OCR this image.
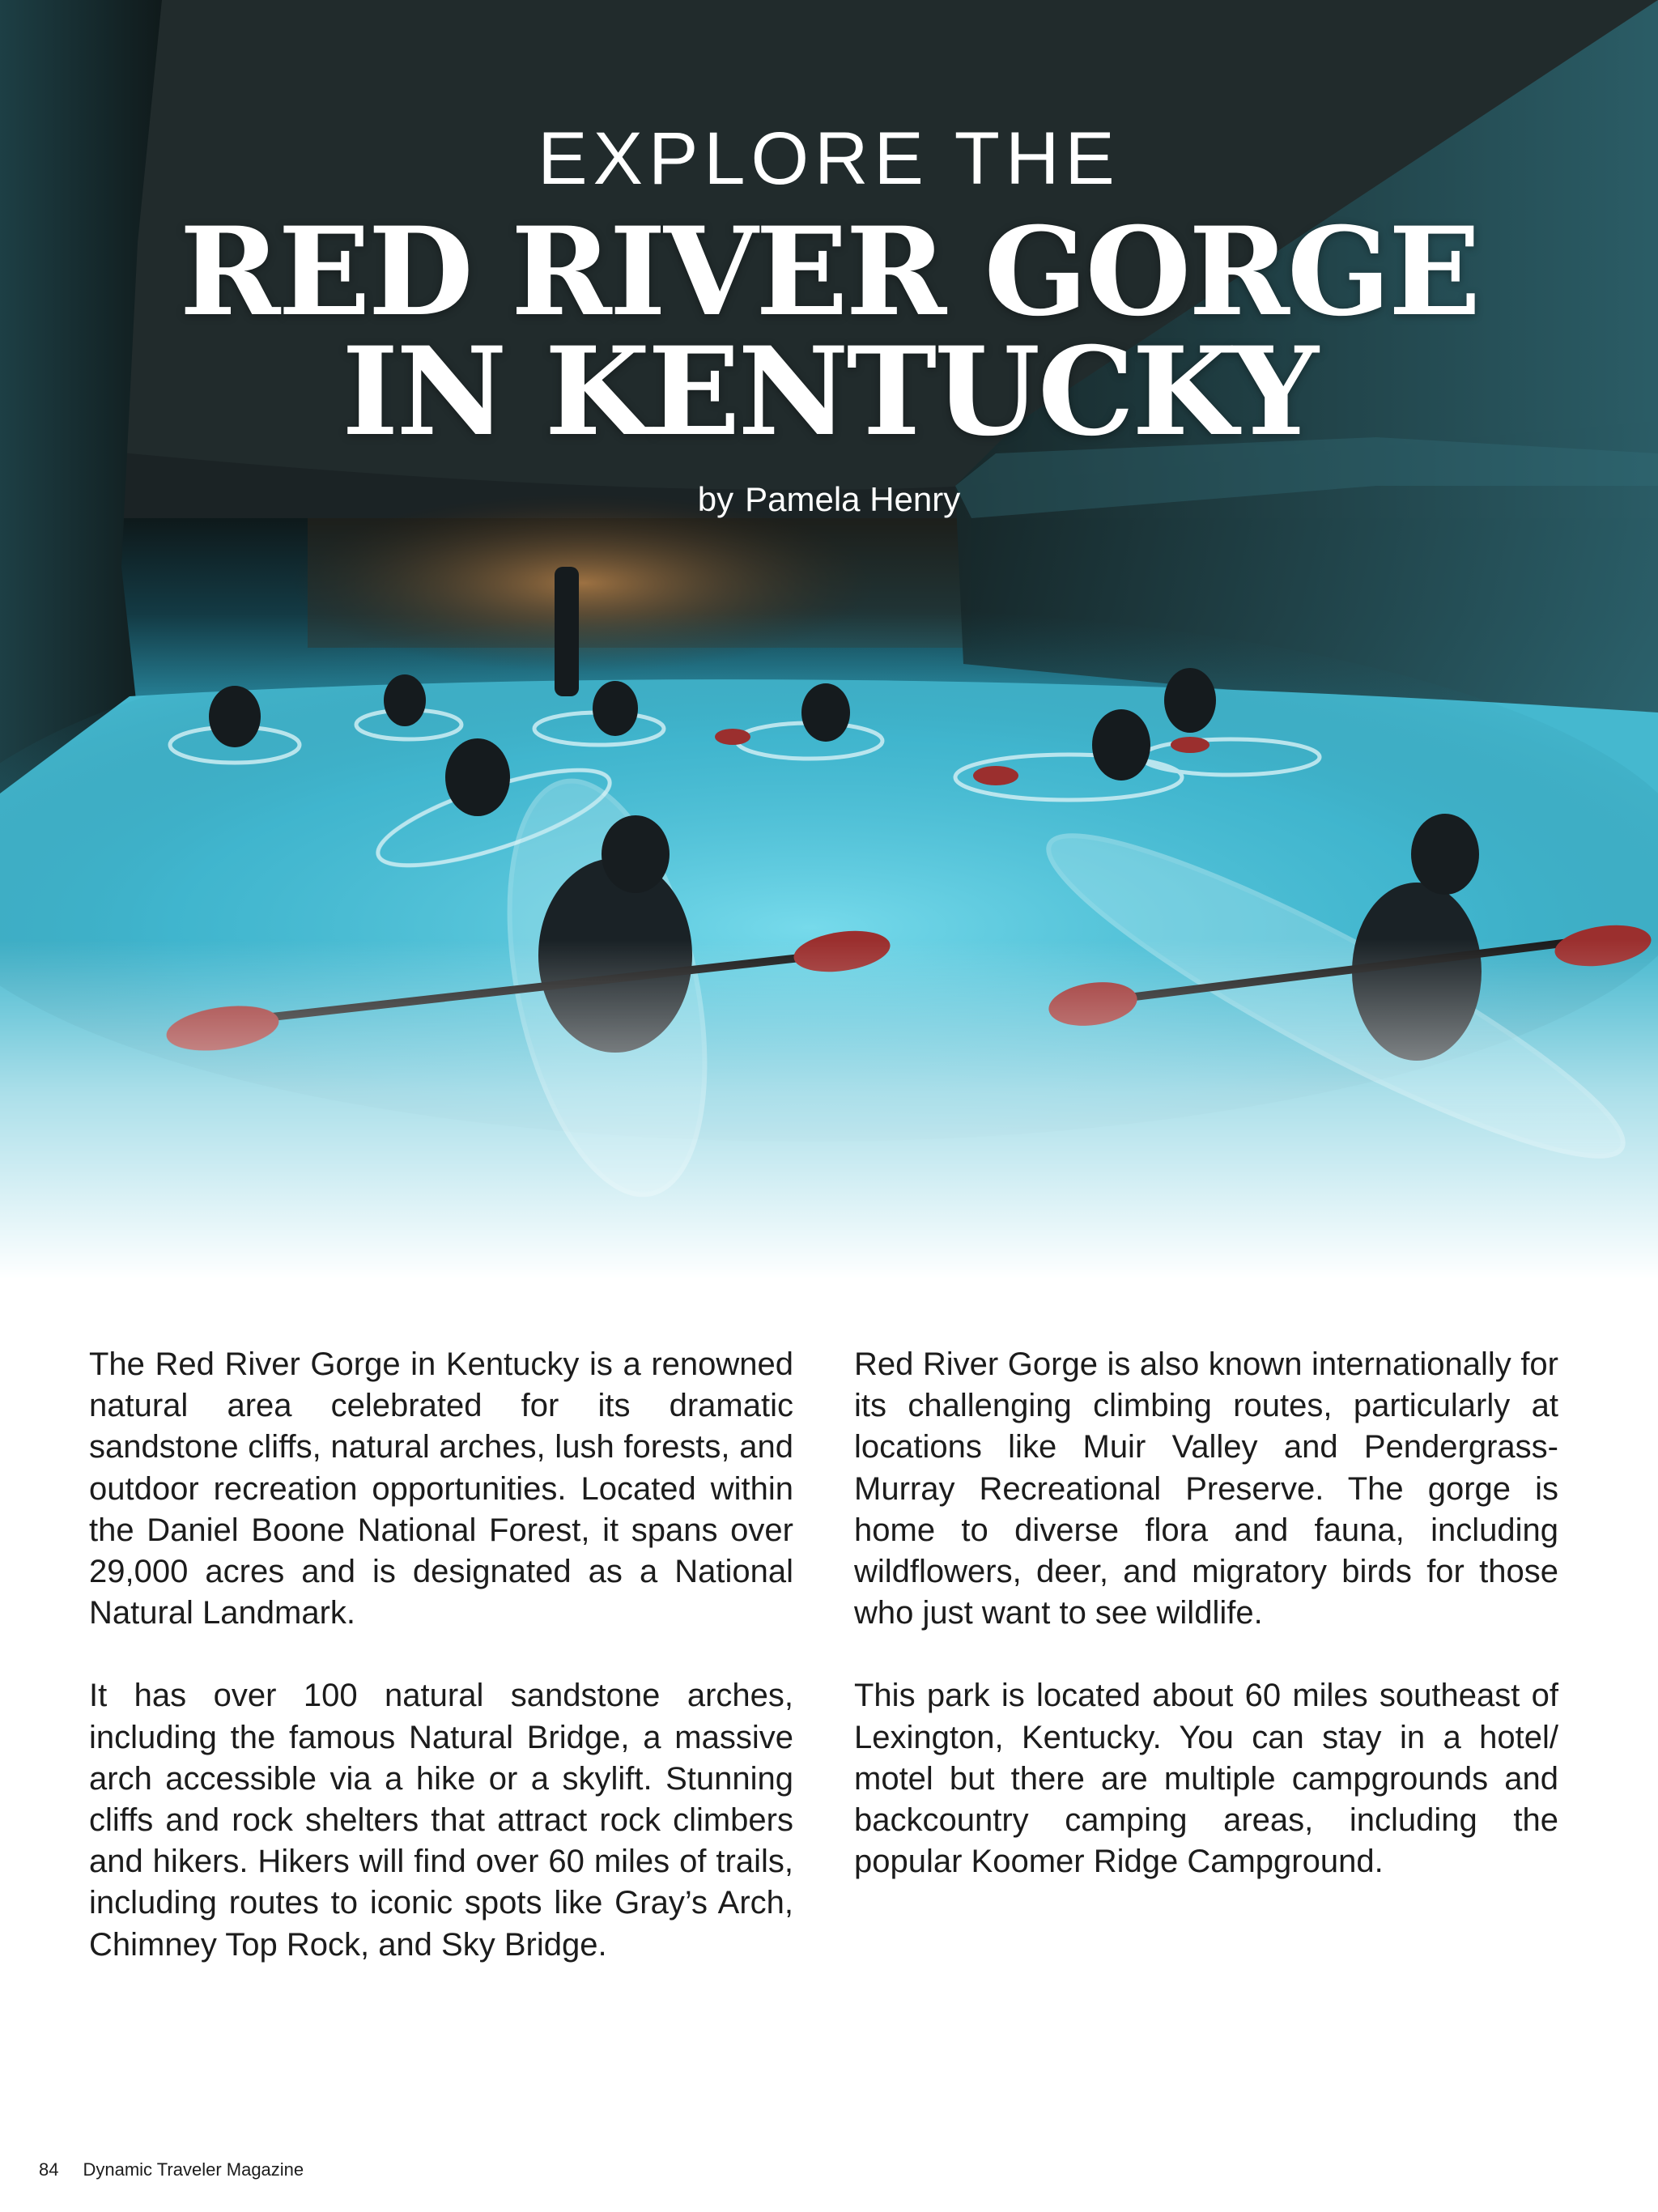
EXPLORE THE
RED RIVER GORGE
IN KENTUCKY
by Pamela Henry

The Red River Gorge in Kentucky is a renowned natural area celebrated for its dramatic sandstone cliffs, natural arches, lush forests, and outdoor recreation opportunities. Located within the Daniel Boone National Forest, it spans over 29,000 acres and is designated as a National Natural Landmark.

It has over 100 natural sandstone arches, including the famous Natural Bridge, a massive arch accessible via a hike or a skylift. Stunning cliffs and rock shelters that attract rock climbers and hikers. Hikers will find over 60 miles of trails, including routes to iconic spots like Gray’s Arch, Chimney Top Rock, and Sky Bridge.

Red River Gorge is also known internationally for its challenging climbing routes, particularly at locations like Muir Valley and Pendergrass-Murray Recreational Preserve. The gorge is home to diverse flora and fauna, including wildflowers, deer, and migratory birds for those who just want to see wildlife.

This park is located about 60 miles southeast of Lexington, Kentucky. You can stay in a hotel/ motel but there are multiple campgrounds and backcountry camping areas, including the popular Koomer Ridge Campground.

84 Dynamic Traveler Magazine
